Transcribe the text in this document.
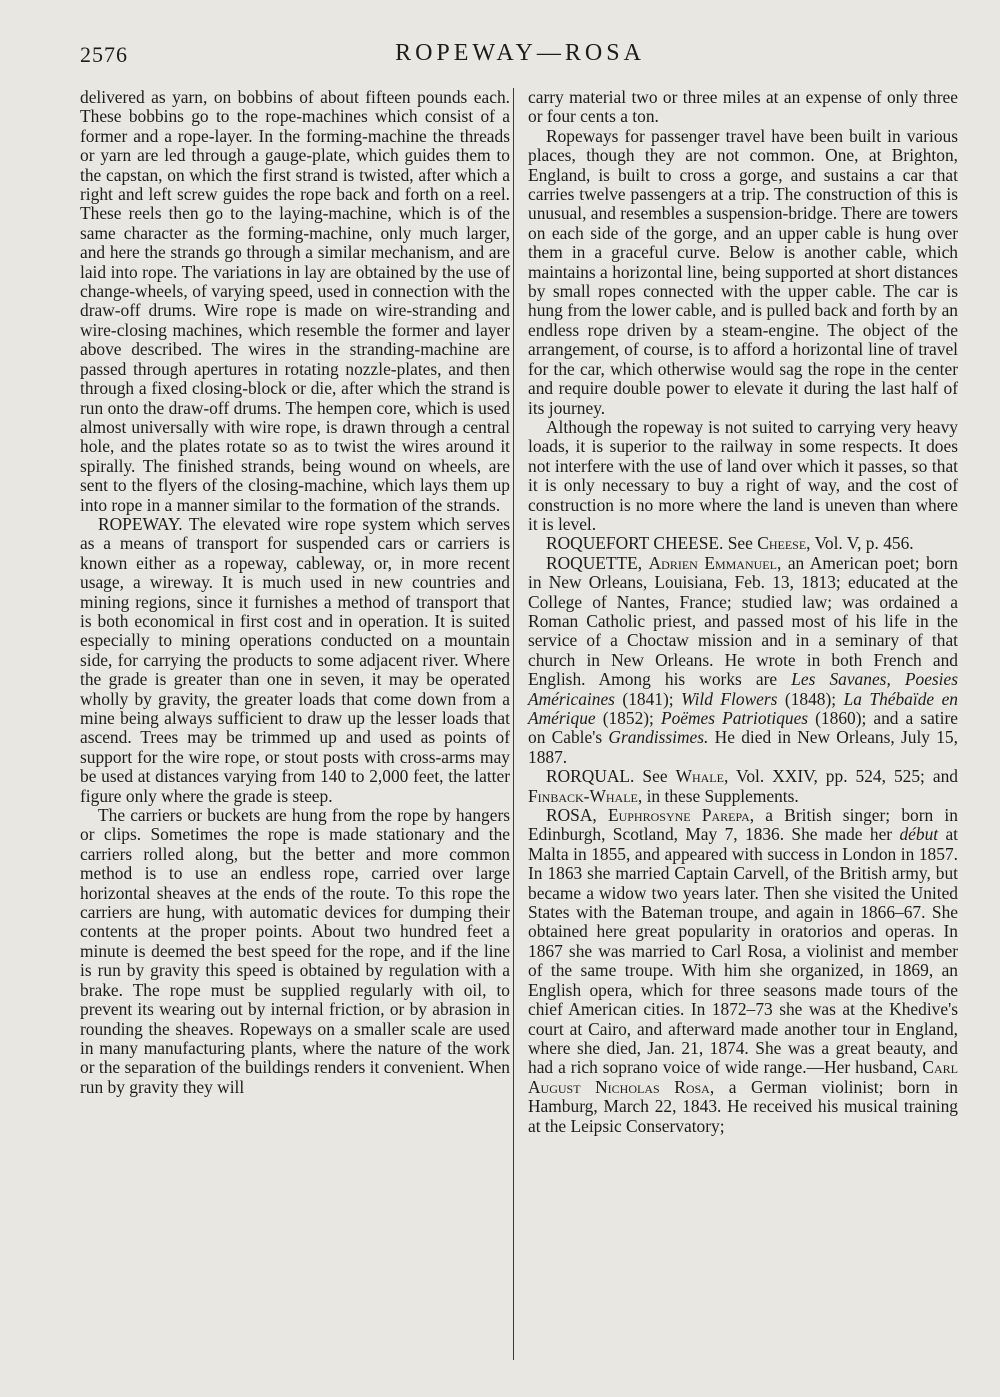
2576	ROPEWAY—ROSA

delivered as yarn, on bobbins of about fifteen pounds each. These bobbins go to the rope-machines which consist of a former and a rope-layer. In the forming-machine the threads or yarn are led through a gauge-plate, which guides them to the capstan, on which the first strand is twisted, after which a right and left screw guides the rope back and forth on a reel. These reels then go to the laying-machine, which is of the same character as the forming-machine, only much larger, and here the strands go through a similar mechanism, and are laid into rope. The variations in lay are obtained by the use of change-wheels, of varying speed, used in connection with the draw-off drums. Wire rope is made on wire-stranding and wire-closing machines, which resemble the former and layer above described. The wires in the stranding-machine are passed through apertures in rotating nozzle-plates, and then through a fixed closing-block or die, after which the strand is run onto the draw-off drums. The hempen core, which is used almost universally with wire rope, is drawn through a central hole, and the plates rotate so as to twist the wires around it spirally. The finished strands, being wound on wheels, are sent to the flyers of the closing-machine, which lays them up into rope in a manner similar to the formation of the strands.

ROPEWAY. The elevated wire rope system which serves as a means of transport for suspended cars or carriers is known either as a ropeway, cableway, or, in more recent usage, a wireway. It is much used in new countries and mining regions, since it furnishes a method of transport that is both economical in first cost and in operation. It is suited especially to mining operations conducted on a mountain side, for carrying the products to some adjacent river. Where the grade is greater than one in seven, it may be operated wholly by gravity, the greater loads that come down from a mine being always sufficient to draw up the lesser loads that ascend. Trees may be trimmed up and used as points of support for the wire rope, or stout posts with cross-arms may be used at distances varying from 140 to 2,000 feet, the latter figure only where the grade is steep.

The carriers or buckets are hung from the rope by hangers or clips. Sometimes the rope is made stationary and the carriers rolled along, but the better and more common method is to use an endless rope, carried over large horizontal sheaves at the ends of the route. To this rope the carriers are hung, with automatic devices for dumping their contents at the proper points. About two hundred feet a minute is deemed the best speed for the rope, and if the line is run by gravity this speed is obtained by regulation with a brake. The rope must be supplied regularly with oil, to prevent its wearing out by internal friction, or by abrasion in rounding the sheaves. Ropeways on a smaller scale are used in many manufacturing plants, where the nature of the work or the separation of the buildings renders it convenient. When run by gravity they will

carry material two or three miles at an expense of only three or four cents a ton.

Ropeways for passenger travel have been built in various places, though they are not common. One, at Brighton, England, is built to cross a gorge, and sustains a car that carries twelve passengers at a trip. The construction of this is unusual, and resembles a suspension-bridge. There are towers on each side of the gorge, and an upper cable is hung over them in a graceful curve. Below is another cable, which maintains a horizontal line, being supported at short distances by small ropes connected with the upper cable. The car is hung from the lower cable, and is pulled back and forth by an endless rope driven by a steam-engine. The object of the arrangement, of course, is to afford a horizontal line of travel for the car, which otherwise would sag the rope in the center and require double power to elevate it during the last half of its journey.

Although the ropeway is not suited to carrying very heavy loads, it is superior to the railway in some respects. It does not interfere with the use of land over which it passes, so that it is only necessary to buy a right of way, and the cost of construction is no more where the land is uneven than where it is level.

ROQUEFORT CHEESE. See Cheese, Vol. V, p. 456.

ROQUETTE, Adrien Emmanuel, an American poet; born in New Orleans, Louisiana, Feb. 13, 1813; educated at the College of Nantes, France; studied law; was ordained a Roman Catholic priest, and passed most of his life in the service of a Choctaw mission and in a seminary of that church in New Orleans. He wrote in both French and English. Among his works are Les Savanes, Poesies Américaines (1841); Wild Flowers (1848); La Thébaïde en Amérique (1852); Poëmes Patriotiques (1860); and a satire on Cable's Grandissimes. He died in New Orleans, July 15, 1887.

RORQUAL. See Whale, Vol. XXIV, pp. 524, 525; and Finback-Whale, in these Supplements.

ROSA, Euphrosyne Parepa, a British singer; born in Edinburgh, Scotland, May 7, 1836. She made her début at Malta in 1855, and appeared with success in London in 1857. In 1863 she married Captain Carvell, of the British army, but became a widow two years later. Then she visited the United States with the Bateman troupe, and again in 1866–67. She obtained here great popularity in oratorios and operas. In 1867 she was married to Carl Rosa, a violinist and member of the same troupe. With him she organized, in 1869, an English opera, which for three seasons made tours of the chief American cities. In 1872–73 she was at the Khedive's court at Cairo, and afterward made another tour in England, where she died, Jan. 21, 1874. She was a great beauty, and had a rich soprano voice of wide range.—Her husband, Carl August Nicholas Rosa, a German violinist; born in Hamburg, March 22, 1843. He received his musical training at the Leipsic Conservatory;
